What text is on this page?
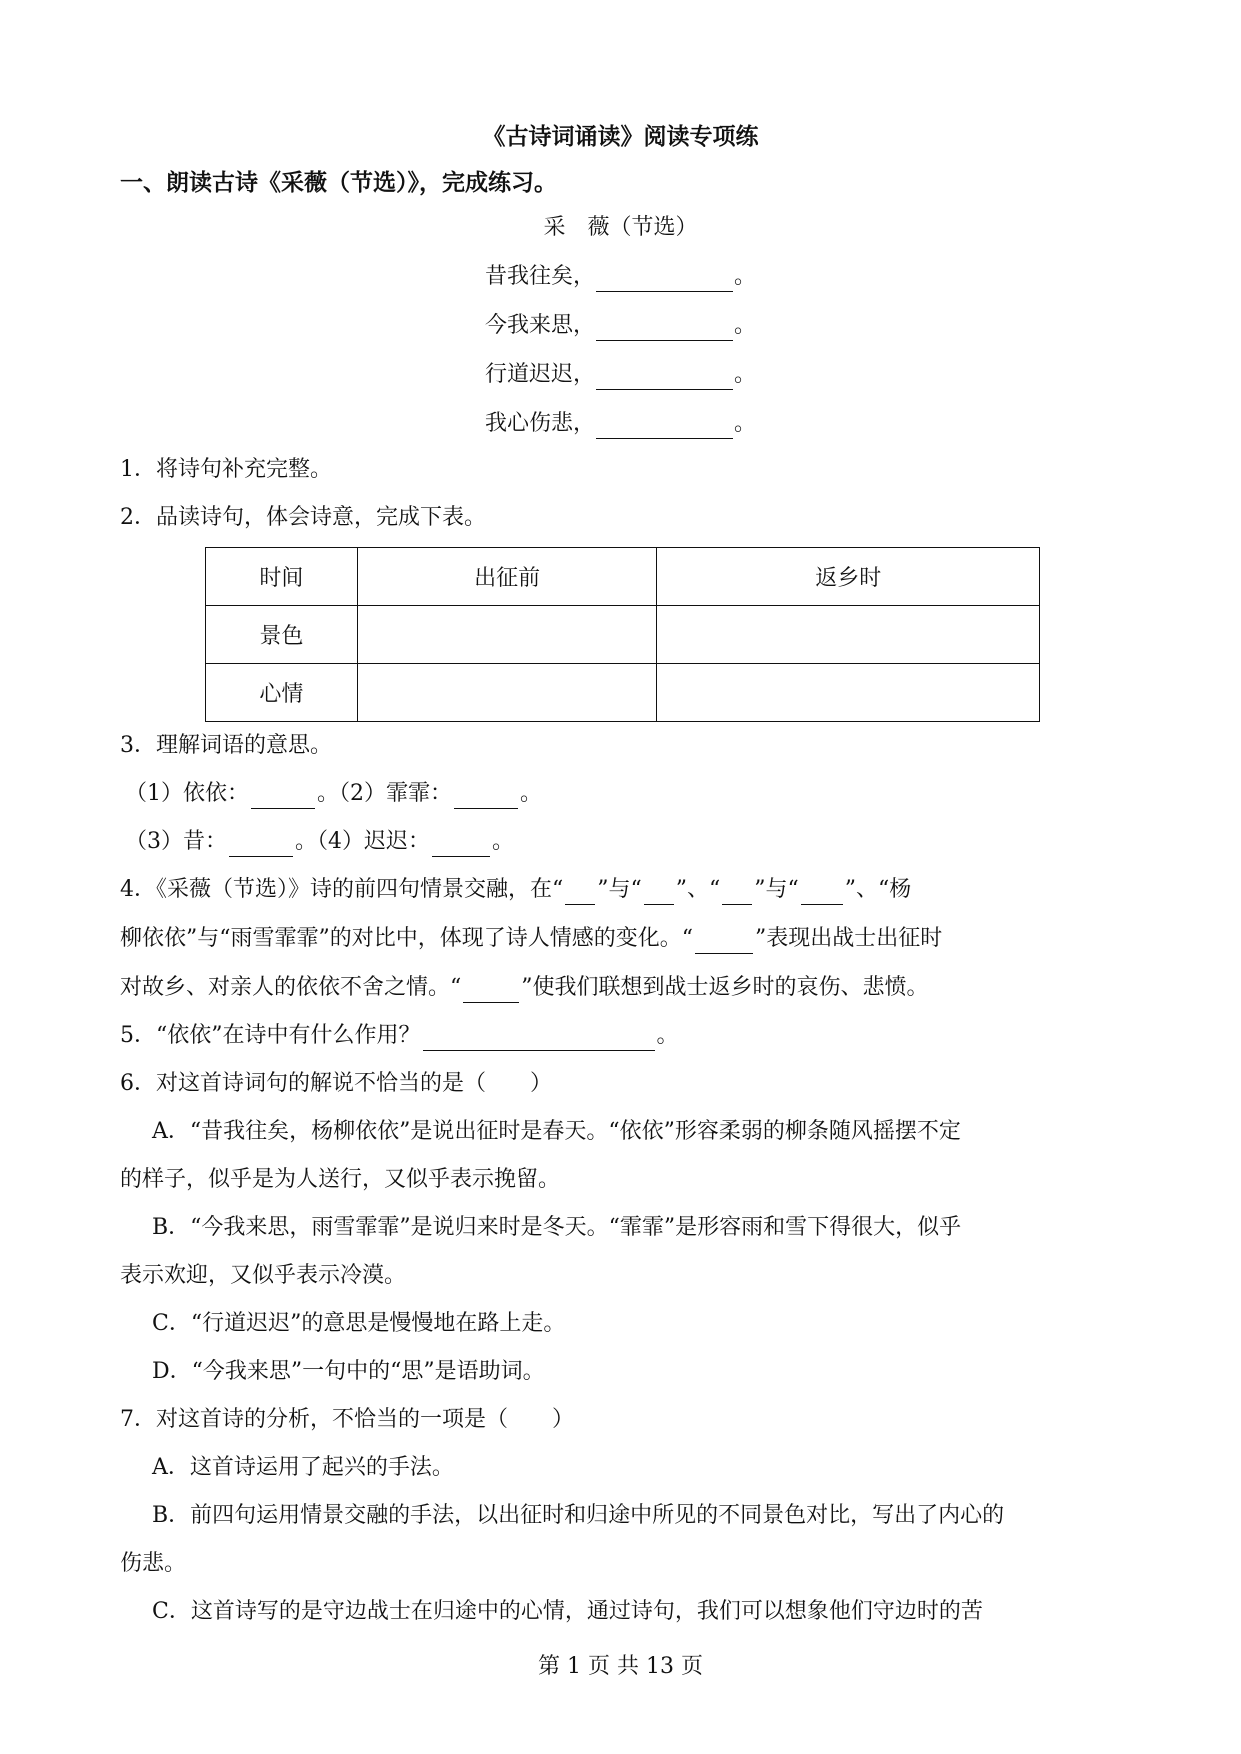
《古诗词诵读》阅读专项练
一、朗读古诗《采薇（节选）》，完成练习。
采　薇（节选）
昔我往矣，	。
今我来思，	。
行道迟迟，	。
我心伤悲，	。
1．将诗句补充完整。
2．品读诗句，体会诗意，完成下表。
时间	出征前	返乡时
景色		
心情		
3．理解词语的意思。
（1）依依：	。（2）霏霏：	。
（3）昔：	。（4）迟迟：	。
4．《采薇（节选）》诗的前四句情景交融，在“ ”与“ ”、“ ”与“ ”、“杨
柳依依”与“雨雪霏霏”的对比中，体现了诗人情感的变化。“	”表现出战士出征时
对故乡、对亲人的依依不舍之情。“	”使我们联想到战士返乡时的哀伤、悲愤。
5．“依依”在诗中有什么作用？	。
6．对这首诗词句的解说不恰当的是（　　）
A．“昔我往矣，杨柳依依”是说出征时是春天。“依依”形容柔弱的柳条随风摇摆不定
的样子，似乎是为人送行，又似乎表示挽留。
B．“今我来思，雨雪霏霏”是说归来时是冬天。“霏霏”是形容雨和雪下得很大，似乎
表示欢迎，又似乎表示冷漠。
C．“行道迟迟”的意思是慢慢地在路上走。
D．“今我来思”一句中的“思”是语助词。
7．对这首诗的分析，不恰当的一项是（　　）
A．这首诗运用了起兴的手法。
B．前四句运用情景交融的手法，以出征时和归途中所见的不同景色对比，写出了内心的
伤悲。
C．这首诗写的是守边战士在归途中的心情，通过诗句，我们可以想象他们守边时的苦
第 1 页 共 13 页
